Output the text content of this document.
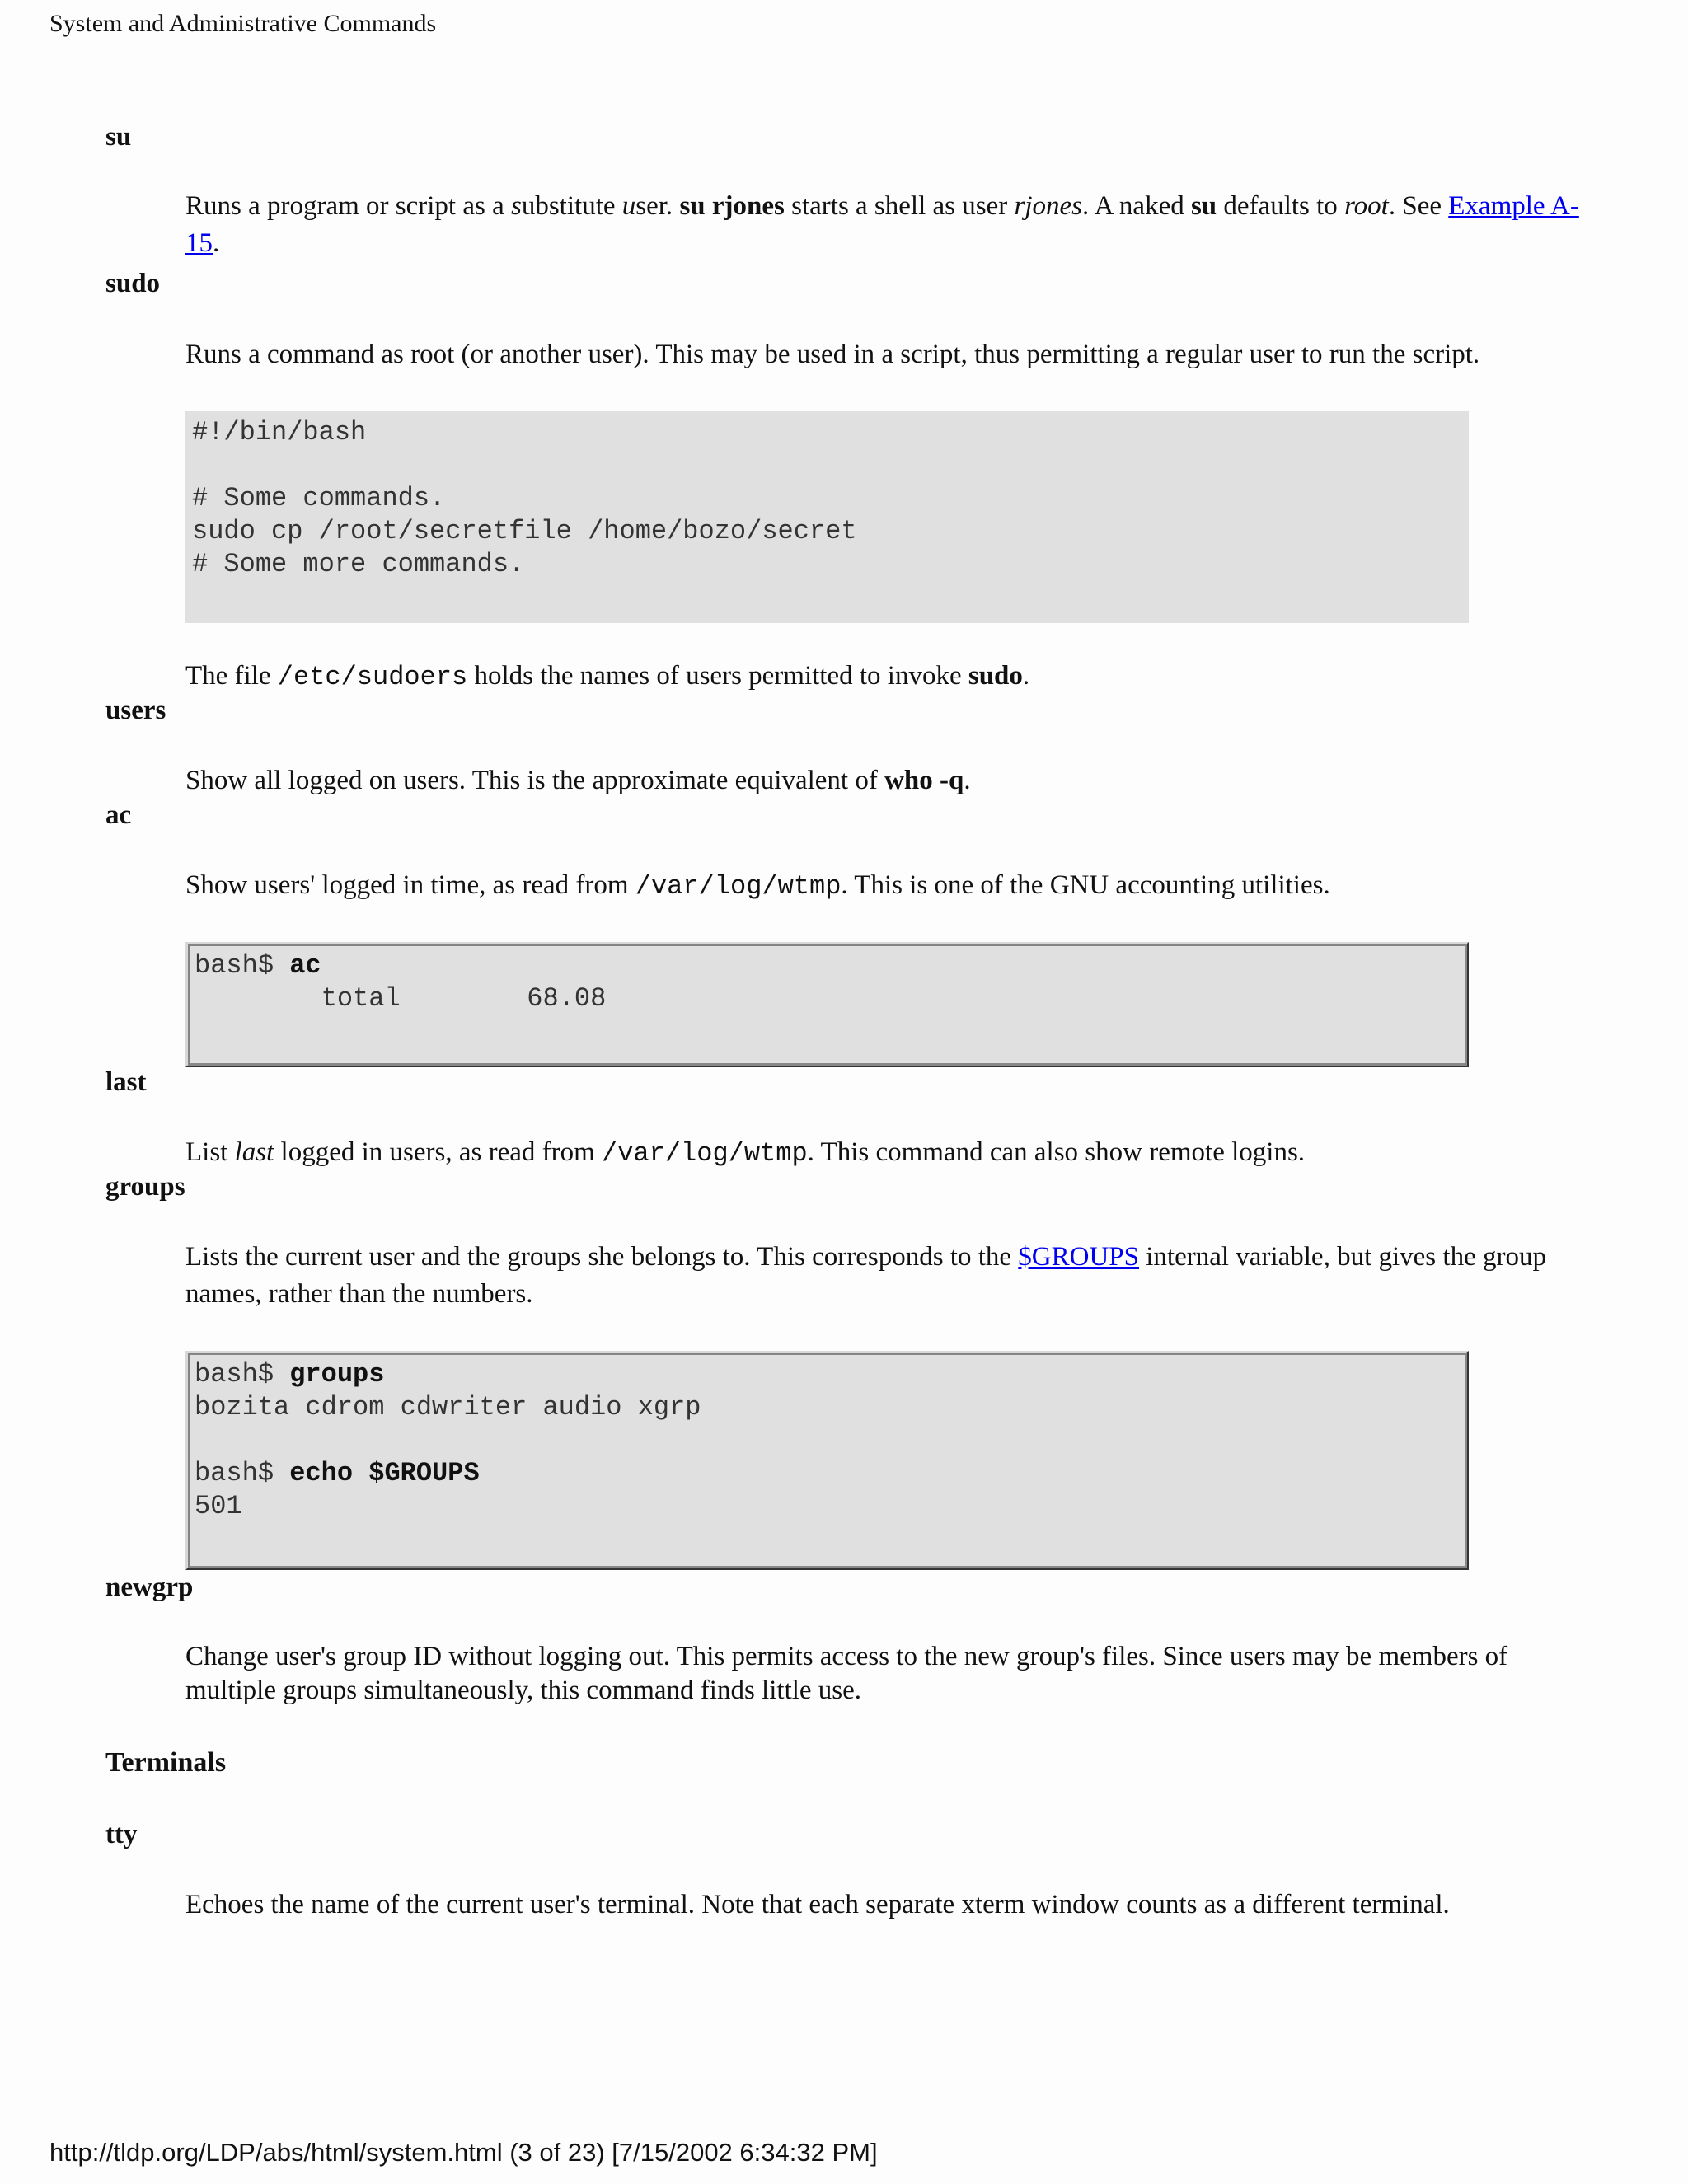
System and Administrative Commands
su
Runs a program or script as a substitute user. su rjones starts a shell as user rjones. A naked su defaults to root. See Example A-15.
sudo
Runs a command as root (or another user). This may be used in a script, thus permitting a regular user to run the script.
#!/bin/bash

# Some commands.
sudo cp /root/secretfile /home/bozo/secret
# Some more commands.

The file /etc/sudoers holds the names of users permitted to invoke sudo.
users
Show all logged on users. This is the approximate equivalent of who -q.
ac
Show users' logged in time, as read from /var/log/wtmp. This is one of the GNU accounting utilities.
bash$ ac
total        68.08

last
List last logged in users, as read from /var/log/wtmp. This command can also show remote logins.
groups
Lists the current user and the groups she belongs to. This corresponds to the $GROUPS internal variable, but gives the group names, rather than the numbers.
bash$ groups
bozita cdrom cdwriter audio xgrp

bash$ echo $GROUPS
501

newgrp
Change user's group ID without logging out. This permits access to the new group's files. Since users may be members of multiple groups simultaneously, this command finds little use.
Terminals
tty
Echoes the name of the current user's terminal. Note that each separate xterm window counts as a different terminal.
http://tldp.org/LDP/abs/html/system.html (3 of 23) [7/15/2002 6:34:32 PM]
